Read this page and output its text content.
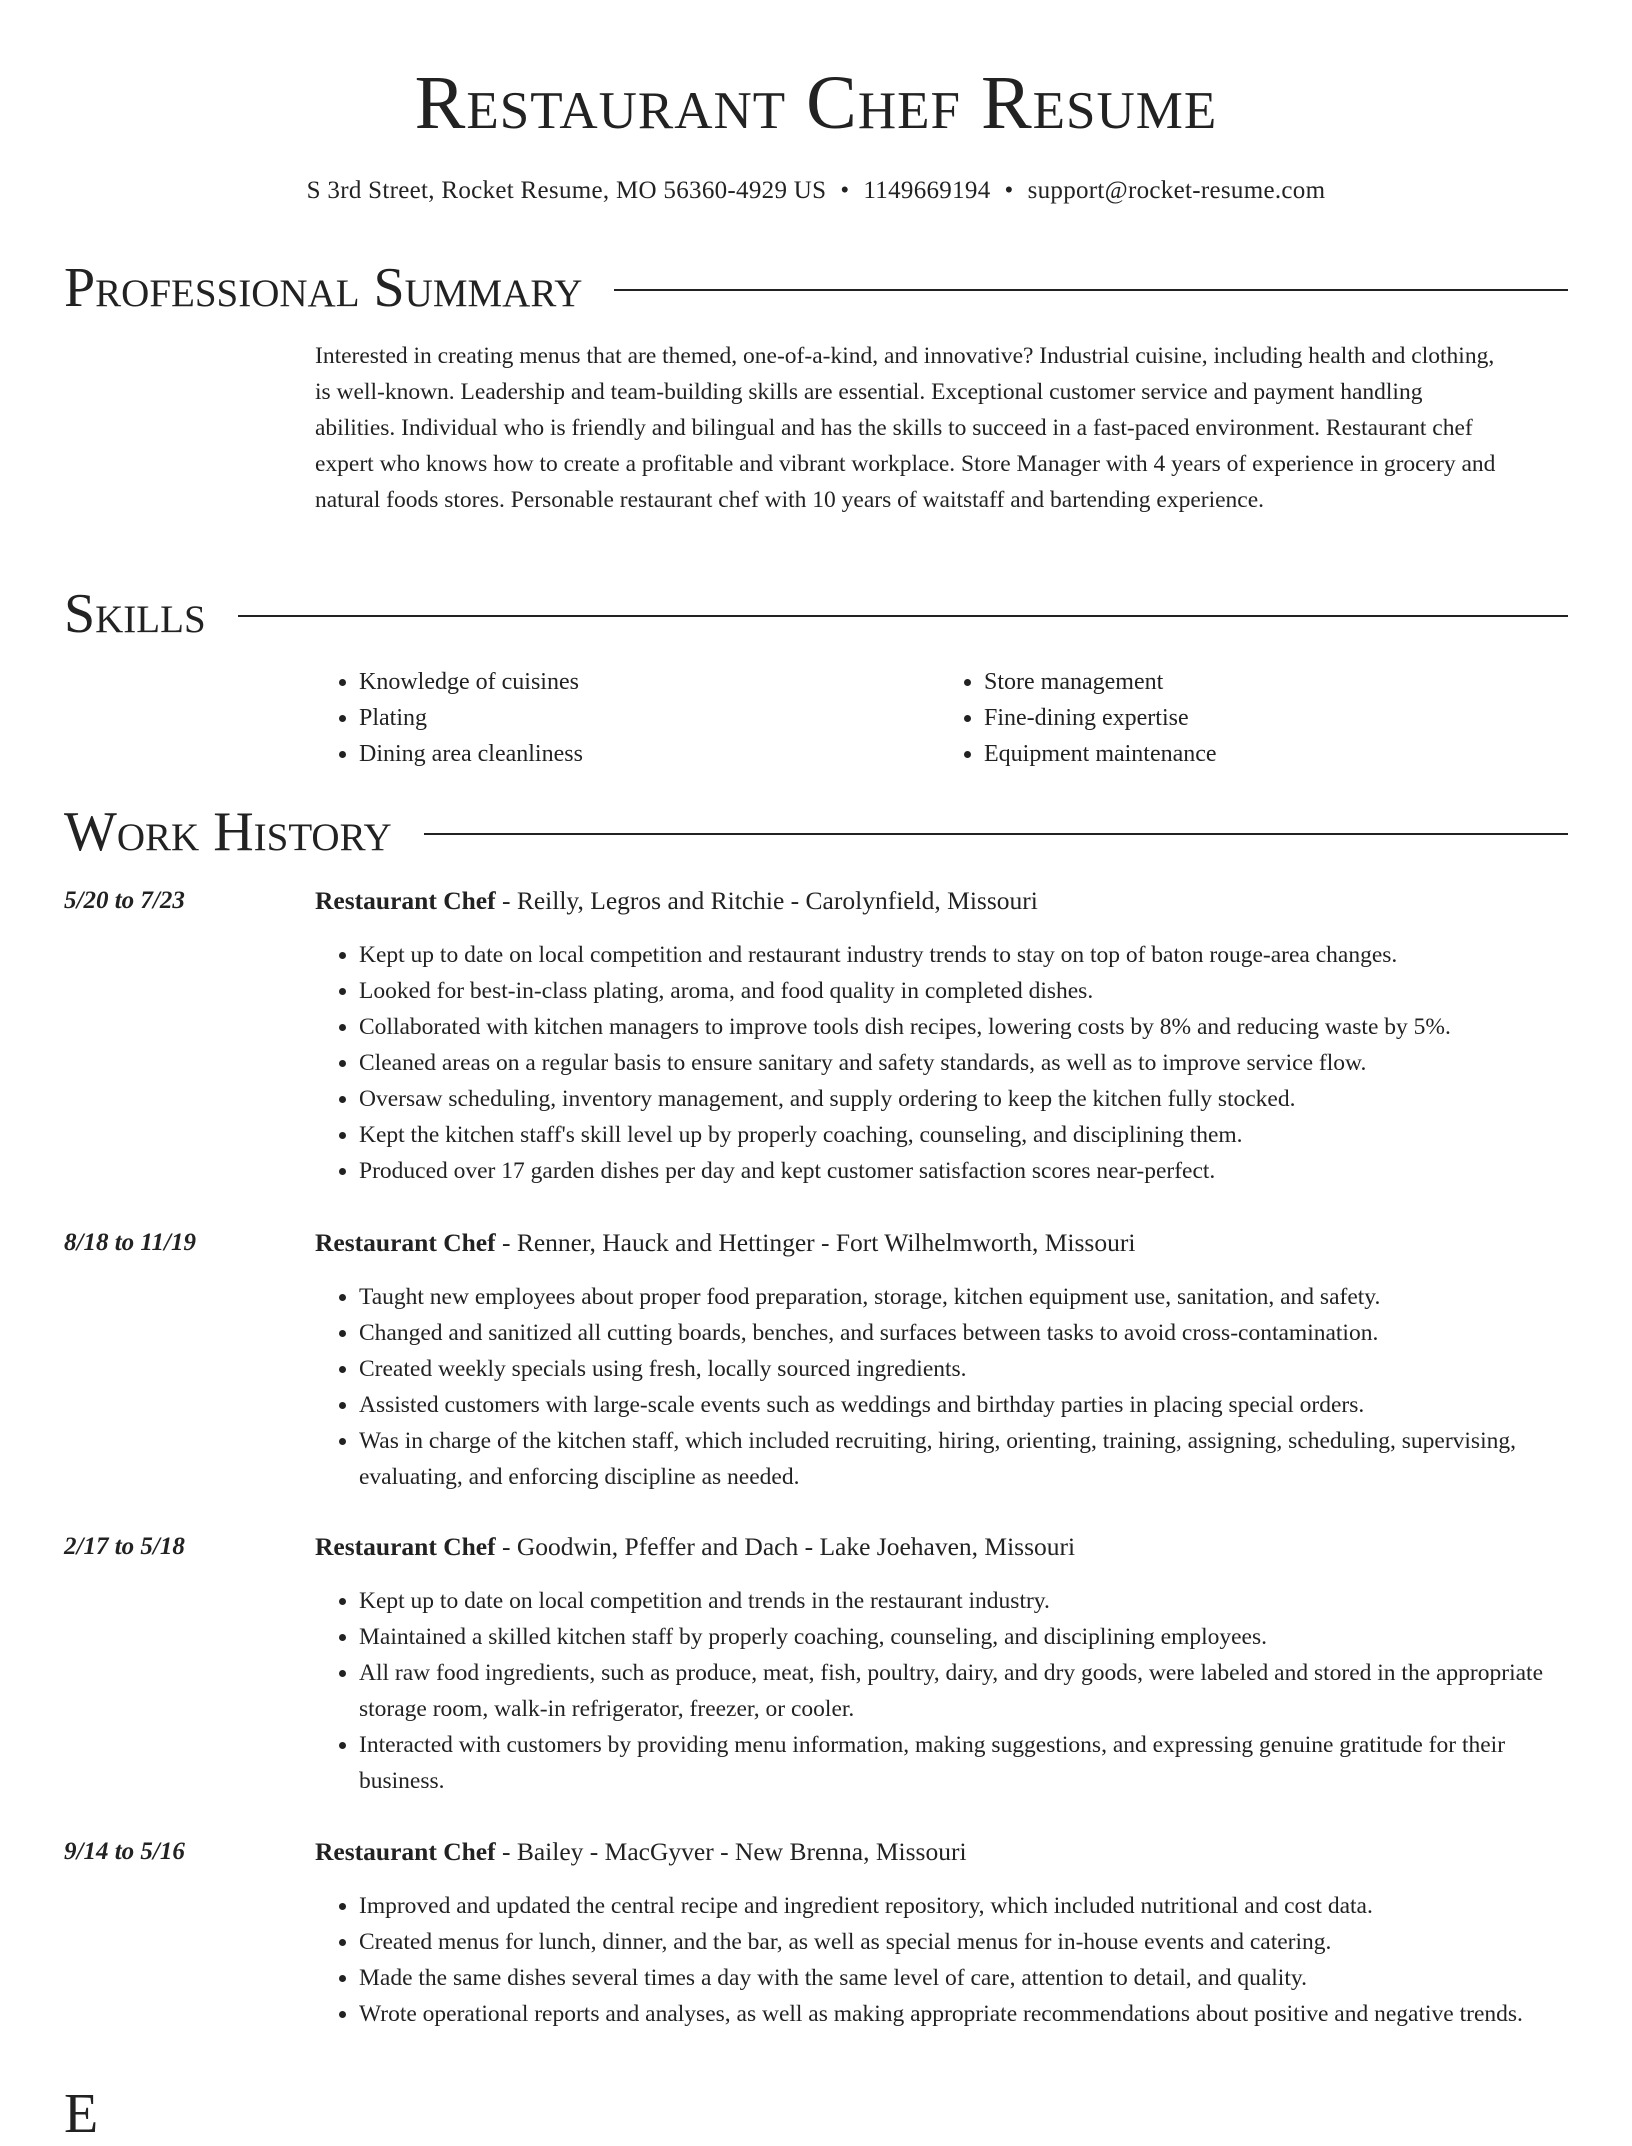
Restaurant Chef Resume
S 3rd Street, Rocket Resume, MO 56360-4929 US • 1149669194 • support@rocket-resume.com
Professional Summary

Interested in creating menus that are themed, one-of-a-kind, and innovative? Industrial cuisine, including health and clothing, is well-known. Leadership and team-building skills are essential. Exceptional customer service and payment handling abilities. Individual who is friendly and bilingual and has the skills to succeed in a fast-paced environment. Restaurant chef expert who knows how to create a profitable and vibrant workplace. Store Manager with 4 years of experience in grocery and natural foods stores. Personable restaurant chef with 10 years of waitstaff and bartending experience.

Skills
• Knowledge of cuisines
• Plating
• Dining area cleanliness
• Store management
• Fine-dining expertise
• Equipment maintenance
Work History
5/20 to 7/23	Restaurant Chef - Reilly, Legros and Ritchie - Carolynfield, Missouri
• Kept up to date on local competition and restaurant industry trends to stay on top of baton rouge-area changes.
• Looked for best-in-class plating, aroma, and food quality in completed dishes.
• Collaborated with kitchen managers to improve tools dish recipes, lowering costs by 8% and reducing waste by 5%.
• Cleaned areas on a regular basis to ensure sanitary and safety standards, as well as to improve service flow.
• Oversaw scheduling, inventory management, and supply ordering to keep the kitchen fully stocked.
• Kept the kitchen staff's skill level up by properly coaching, counseling, and disciplining them.
• Produced over 17 garden dishes per day and kept customer satisfaction scores near-perfect.
8/18 to 11/19	Restaurant Chef - Renner, Hauck and Hettinger - Fort Wilhelmworth, Missouri
• Taught new employees about proper food preparation, storage, kitchen equipment use, sanitation, and safety.
• Changed and sanitized all cutting boards, benches, and surfaces between tasks to avoid cross-contamination.
• Created weekly specials using fresh, locally sourced ingredients.
• Assisted customers with large-scale events such as weddings and birthday parties in placing special orders.
• Was in charge of the kitchen staff, which included recruiting, hiring, orienting, training, assigning, scheduling, supervising, evaluating, and enforcing discipline as needed.
2/17 to 5/18	Restaurant Chef - Goodwin, Pfeffer and Dach - Lake Joehaven, Missouri
• Kept up to date on local competition and trends in the restaurant industry.
• Maintained a skilled kitchen staff by properly coaching, counseling, and disciplining employees.
• All raw food ingredients, such as produce, meat, fish, poultry, dairy, and dry goods, were labeled and stored in the appropriate storage room, walk-in refrigerator, freezer, or cooler.
• Interacted with customers by providing menu information, making suggestions, and expressing genuine gratitude for their business.
9/14 to 5/16	Restaurant Chef - Bailey - MacGyver - New Brenna, Missouri
• Improved and updated the central recipe and ingredient repository, which included nutritional and cost data.
• Created menus for lunch, dinner, and the bar, as well as special menus for in-house events and catering.
• Made the same dishes several times a day with the same level of care, attention to detail, and quality.
• Wrote operational reports and analyses, as well as making appropriate recommendations about positive and negative trends.
E
